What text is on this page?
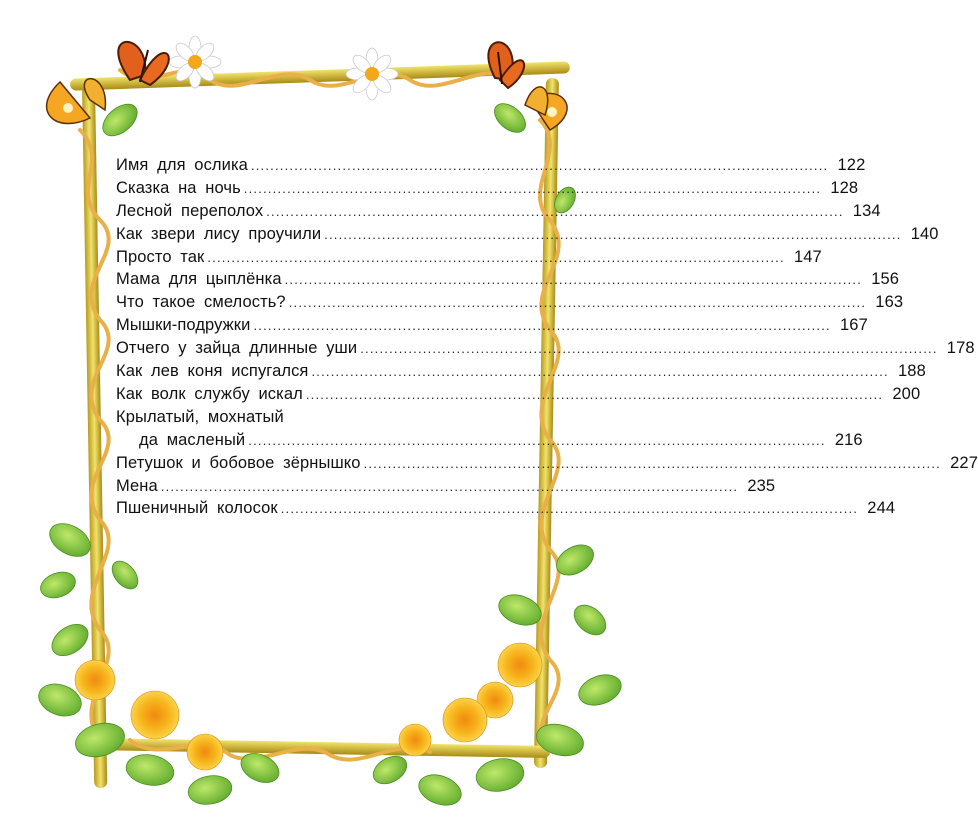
Имя для ослика ........................................................................................................................ 122
Сказка на ночь ........................................................................................................................ 128
Лесной переполох ........................................................................................................................ 134
Как звери лису проучили ........................................................................................................................ 140
Просто так ........................................................................................................................ 147
Мама для цыплёнка ........................................................................................................................ 156
Что такое смелость? ........................................................................................................................ 163
Мышки-подружки ........................................................................................................................ 167
Отчего у зайца длинные уши ........................................................................................................................ 178
Как лев коня испугался ........................................................................................................................ 188
Как волк службу искал ........................................................................................................................ 200
Крылатый, мохнатый
да масленый ........................................................................................................................ 216
Петушок и бобовое зёрнышко ........................................................................................................................ 227
Мена ........................................................................................................................ 235
Пшеничный колосок ........................................................................................................................ 244
